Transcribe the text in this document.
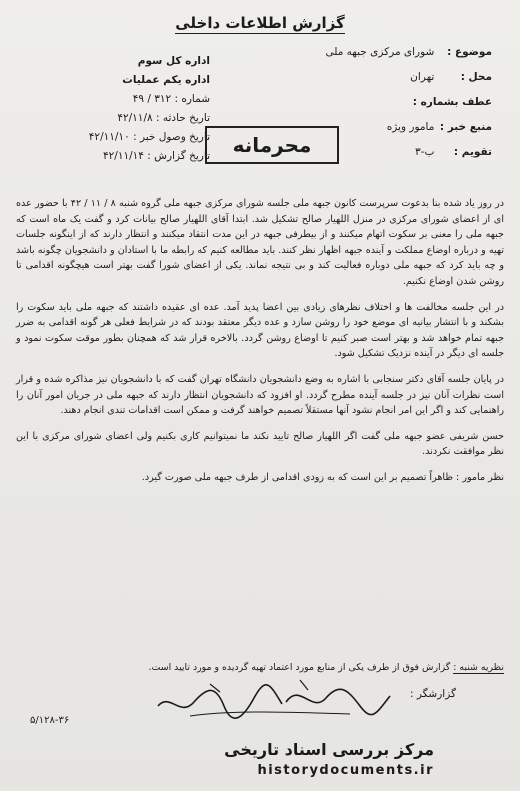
گزارش اطلاعات داخلی
موضوع : شورای مرکزی جبهه ملی
محل : تهران
عطف بشماره :
منبع خبر : مامور ویژه
تقویم : ب-۳
اداره کل سوم
اداره یکم عملیات
شماره : ۳۱۲ / ۴۹
تاریخ حادثه : ۴۲/۱۱/۸
تاریخ وصول خبر : ۴۲/۱۱/۱۰
تاریخ گزارش : ۴۲/۱۱/۱۴	محرمانه

در روز یاد شده بنا بدعوت سرپرست کانون جبهه ملی جلسه شورای مرکزی جبهه ملی گروه شنبه ۸ / ۱۱ / ۴۲ با حضور عده ای از اعضای شورای مرکزی در منزل اللهیار صالح تشکیل شد. ابتدا آقای اللهیار صالح بیانات کرد و گفت یک ماه است که جبهه ملی را معنی بر سکوت اتهام میکنند و از بیطرفی جبهه در این مدت انتقاد میکنند و انتظار دارند که از اینگونه جلسات تهیه و درباره اوضاع مملکت و آینده جبهه اظهار نظر کنند. باید مطالعه کنیم که رابطه ما با استادان و دانشجویان چگونه باشد و چه باید کرد که جبهه ملی دوباره فعالیت کند و بی نتیجه نماند. یکی از اعضای شورا گفت بهتر است هیچگونه اقدامی تا روشن شدن اوضاع نکنیم.

در این جلسه مخالفت ها و اختلاف نظرهای زیادی بین اعضا پدید آمد. عده ای عقیده داشتند که جبهه ملی باید سکوت را بشکند و با انتشار بیانیه ای موضع خود را روشن سازد و عده دیگر معتقد بودند که در شرایط فعلی هر گونه اقدامی به ضرر جبهه تمام خواهد شد و بهتر است صبر کنیم تا اوضاع روشن گردد. بالاخره قرار شد که همچنان بطور موقت سکوت نمود و جلسه ای دیگر در آینده نزدیک تشکیل شود.

در پایان جلسه آقای دکتر سنجابی با اشاره به وضع دانشجویان دانشگاه تهران گفت که با دانشجویان نیز مذاکره شده و قرار است نظرات آنان نیز در جلسه آینده مطرح گردد. او افزود که دانشجویان انتظار دارند که جبهه ملی در جریان امور آنان را راهنمایی کند و اگر این امر انجام نشود آنها مستقلاً تصمیم خواهند گرفت و ممکن است اقدامات تندی انجام دهند.

حسن شریفی عضو جبهه ملی گفت اگر اللهیار صالح تایید نکند ما نمیتوانیم کاری بکنیم ولی اعضای شورای مرکزی با این نظر موافقت نکردند.

نظر مامور : ظاهراً تصمیم بر این است که به زودی اقدامی از طرف جبهه ملی صورت گیرد.

نظریه شنبه : گزارش فوق از طرف یکی از منابع مورد اعتماد تهیه گردیده و مورد تایید است.
گزارشگر :
۵/۱۲۸-۳۶
مرکز بررسی اسناد تاریخی
historydocuments.ir
